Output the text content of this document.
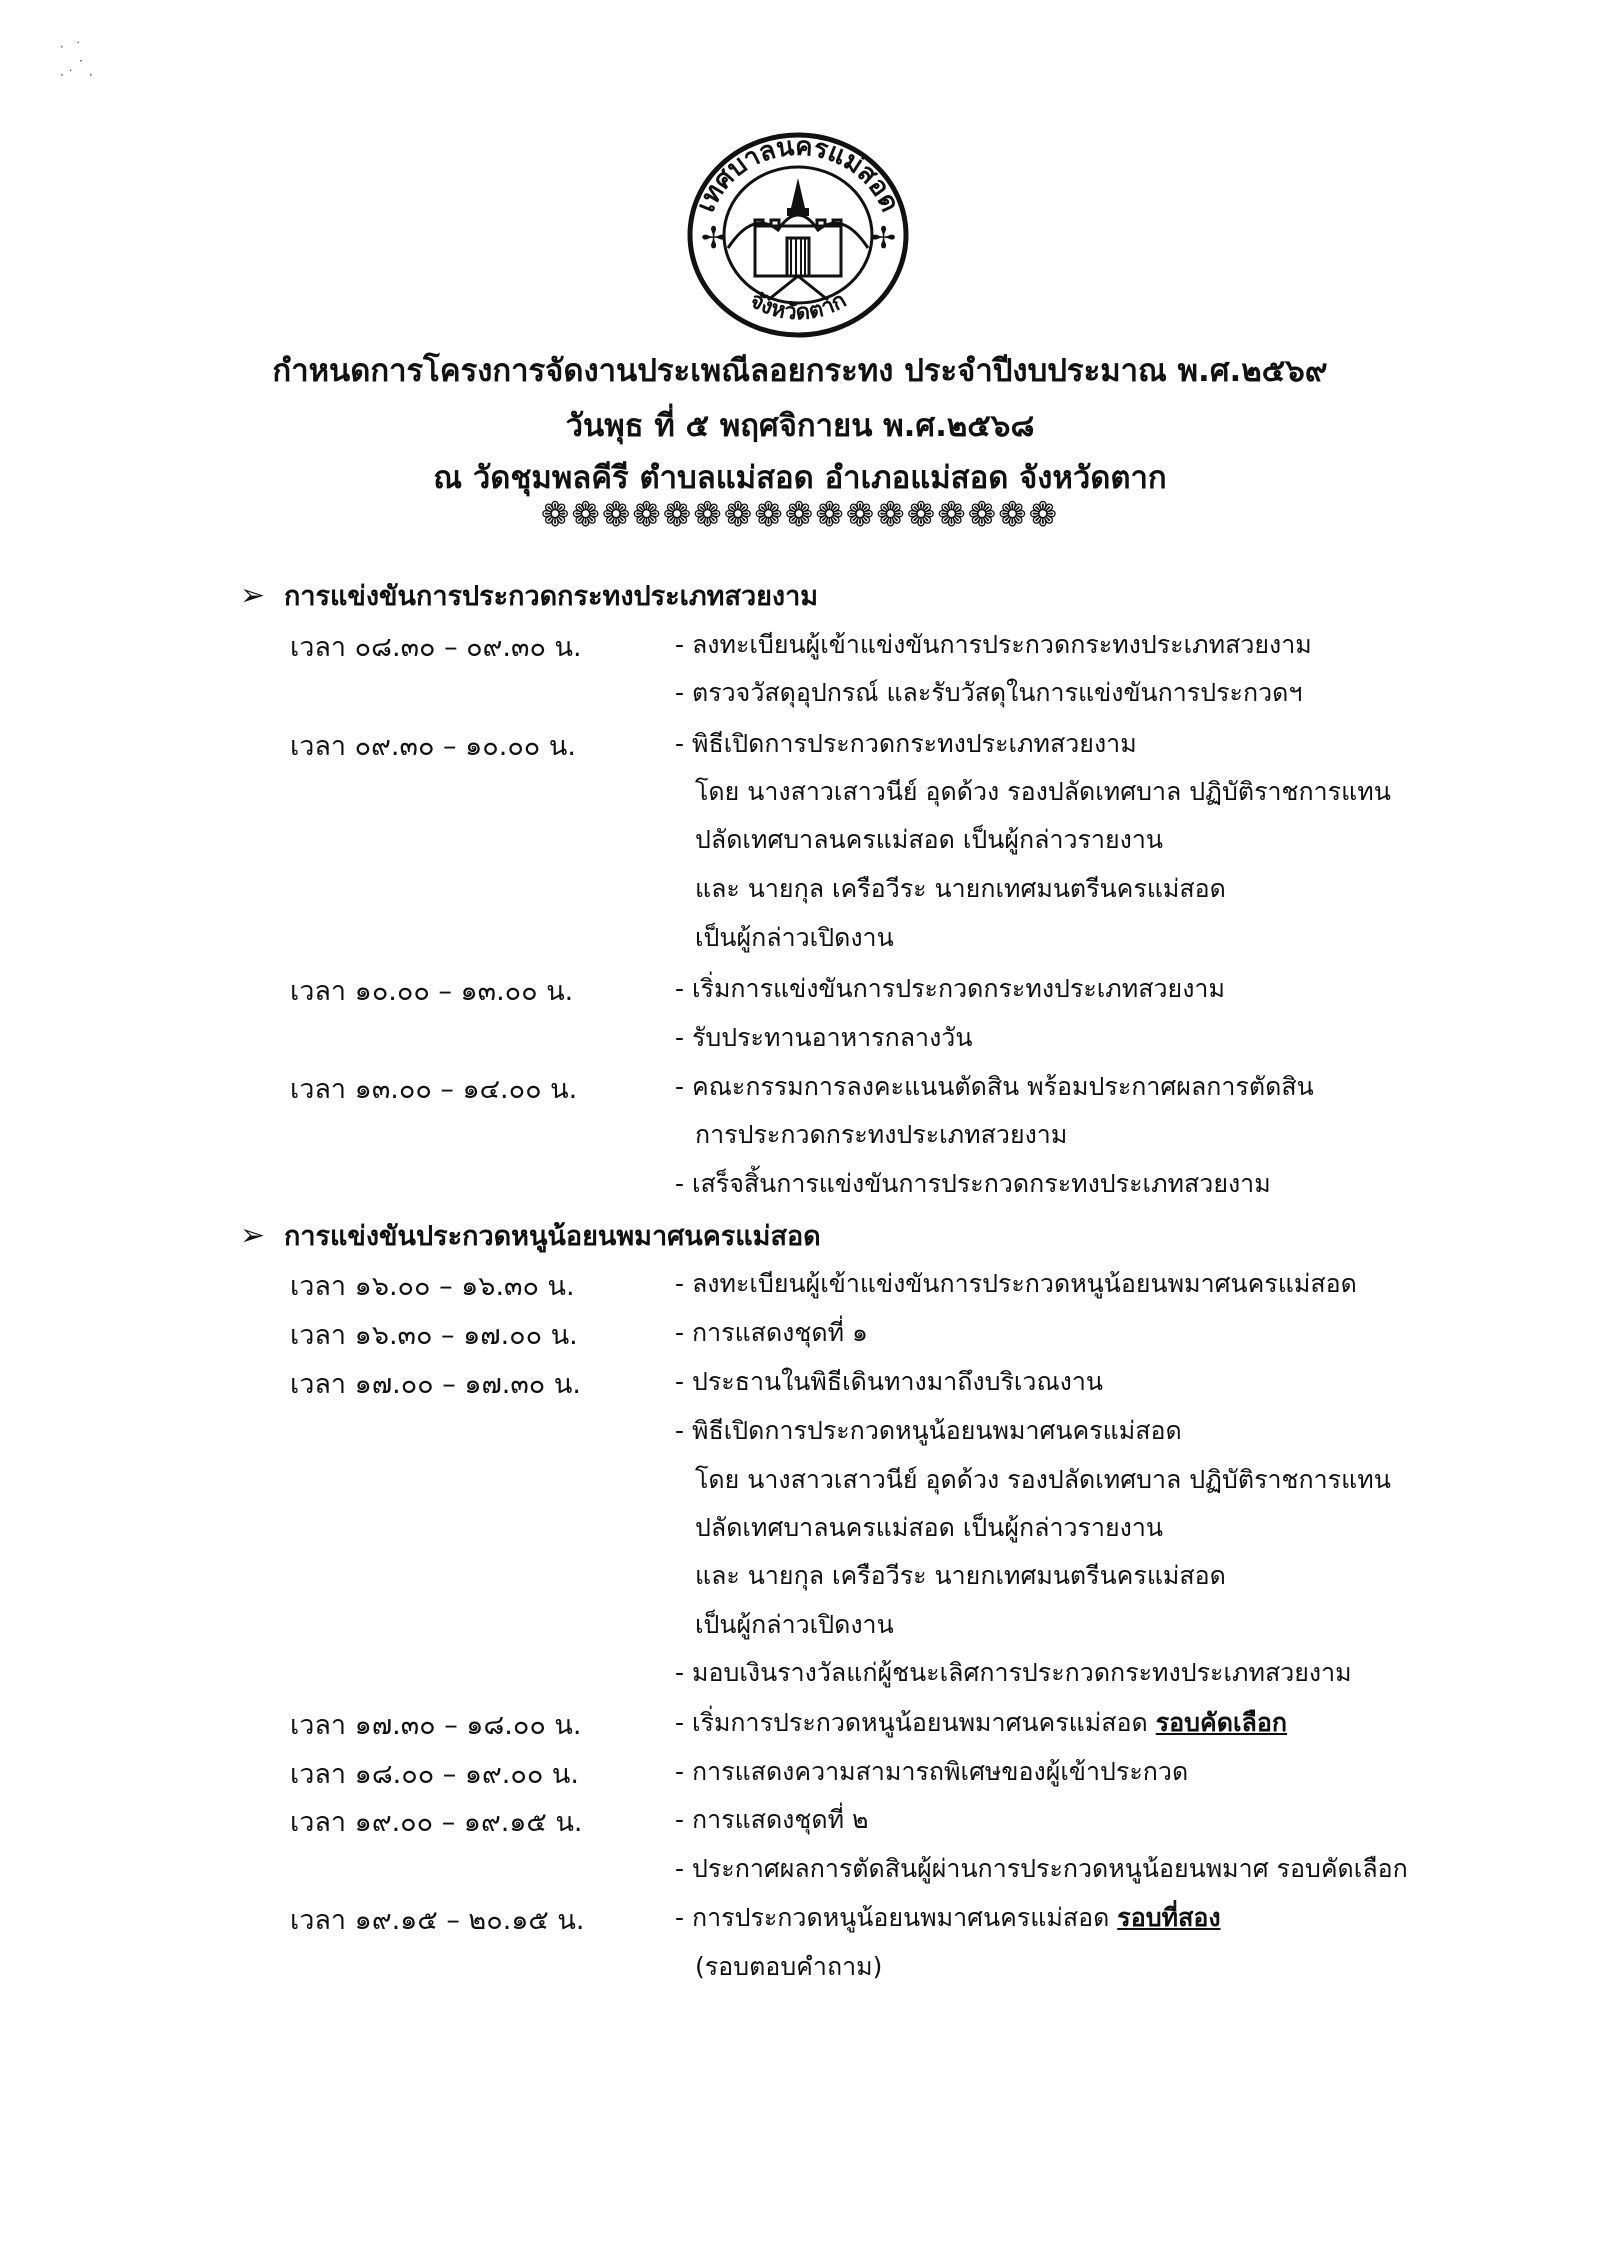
·   ˙
·
· ˙    ·
เทศบาลนครแม่สอด
จังหวัดตาก
✢	✢
กำหนดการโครงการจัดงานประเพณีลอยกระทง ประจำปีงบประมาณ พ.ศ.๒๕๖๙
วันพุธ ที่ ๕ พฤศจิกายน พ.ศ.๒๕๖๘
ณ วัดชุมพลคีรี ตำบลแม่สอด อำเภอแม่สอด จังหวัดตาก
❁❁❁❁❁❁❁❁❁❁❁❁❁❁❁❁❁
➢ การแข่งขันการประกวดกระทงประเภทสวยงาม
เวลา ๐๘.๓๐ – ๐๙.๓๐ น.	- ลงทะเบียนผู้เข้าแข่งขันการประกวดกระทงประเภทสวยงาม
- ตรวจวัสดุอุปกรณ์ และรับวัสดุในการแข่งขันการประกวดฯ
เวลา ๐๙.๓๐ – ๑๐.๐๐ น.	- พิธีเปิดการประกวดกระทงประเภทสวยงาม
โดย นางสาวเสาวนีย์ อุดด้วง รองปลัดเทศบาล ปฏิบัติราชการแทน
ปลัดเทศบาลนครแม่สอด เป็นผู้กล่าวรายงาน
และ นายกุล เครือวีระ นายกเทศมนตรีนครแม่สอด
เป็นผู้กล่าวเปิดงาน
เวลา ๑๐.๐๐ – ๑๓.๐๐ น.	- เริ่มการแข่งขันการประกวดกระทงประเภทสวยงาม
- รับประทานอาหารกลางวัน
เวลา ๑๓.๐๐ – ๑๔.๐๐ น.	- คณะกรรมการลงคะแนนตัดสิน พร้อมประกาศผลการตัดสิน
การประกวดกระทงประเภทสวยงาม
- เสร็จสิ้นการแข่งขันการประกวดกระทงประเภทสวยงาม
➢ การแข่งขันประกวดหนูน้อยนพมาศนครแม่สอด
เวลา ๑๖.๐๐ – ๑๖.๓๐ น.	- ลงทะเบียนผู้เข้าแข่งขันการประกวดหนูน้อยนพมาศนครแม่สอด
เวลา ๑๖.๓๐ – ๑๗.๐๐ น.	- การแสดงชุดที่ ๑
เวลา ๑๗.๐๐ – ๑๗.๓๐ น.	- ประธานในพิธีเดินทางมาถึงบริเวณงาน
- พิธีเปิดการประกวดหนูน้อยนพมาศนครแม่สอด
โดย นางสาวเสาวนีย์ อุดด้วง รองปลัดเทศบาล ปฏิบัติราชการแทน
ปลัดเทศบาลนครแม่สอด เป็นผู้กล่าวรายงาน
และ นายกุล เครือวีระ นายกเทศมนตรีนครแม่สอด
เป็นผู้กล่าวเปิดงาน
- มอบเงินรางวัลแก่ผู้ชนะเลิศการประกวดกระทงประเภทสวยงาม
เวลา ๑๗.๓๐ – ๑๘.๐๐ น.	- เริ่มการประกวดหนูน้อยนพมาศนครแม่สอด รอบคัดเลือก
เวลา ๑๘.๐๐ – ๑๙.๐๐ น.	- การแสดงความสามารถพิเศษของผู้เข้าประกวด
เวลา ๑๙.๐๐ – ๑๙.๑๕ น.	- การแสดงชุดที่ ๒
- ประกาศผลการตัดสินผู้ผ่านการประกวดหนูน้อยนพมาศ รอบคัดเลือก
เวลา ๑๙.๑๕ – ๒๐.๑๕ น.	- การประกวดหนูน้อยนพมาศนครแม่สอด รอบที่สอง
(รอบตอบคำถาม)
